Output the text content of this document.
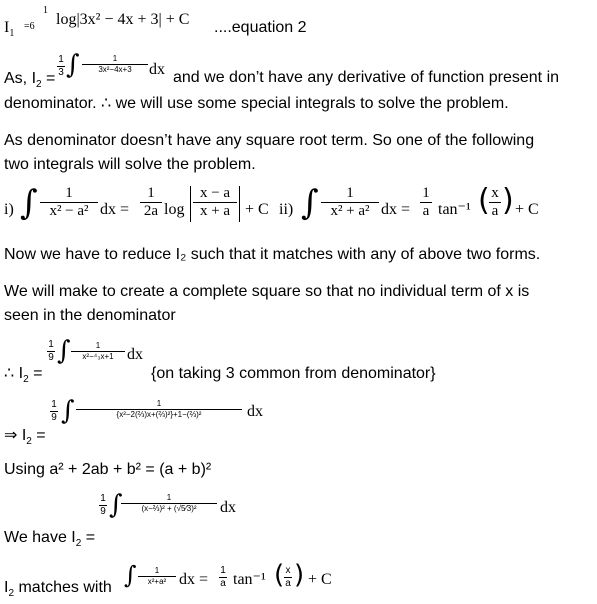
$I_1$
=6
1
log|3x² − 4x + 3| + C ....equation 2
As, $I_2$ =
1
3 ∫	1
3x²−4x+3	dx and we don’t have any derivative of function present in
denominator. ∴ we will use some special integrals to solve the problem.
As denominator doesn’t have any square root term. So one of the following
two integrals will solve the problem.
i) ∫	1
x² − a² dx =
1
2a log
x − a
x + a + C ii) ∫	1
x² + a² dx =
1
a tan⁻¹ ( x
a ) + C
Now we have to reduce I₂ such that it matches with any of above two forms.
We will make to create a complete square so that no individual term of x is
seen in the denominator
∴ $I_2$ =
1
9 ∫	1
x²−⁴₃x+1 dx
{on taking 3 common from denominator}
⇒ $I_2$ =
1
9 ∫	1
{x²−2(⅔)x+(⅔)²}+1−(⅔)²	dx
Using a² + 2ab + b² = (a + b)²
We have $I_2$ =
1
9 ∫	1
(x−⅔)² + (√5⁄3)²	dx
$I_2$ matches with ∫	1
x²+a² dx =
1
a tan⁻¹ ( x
a ) + C
